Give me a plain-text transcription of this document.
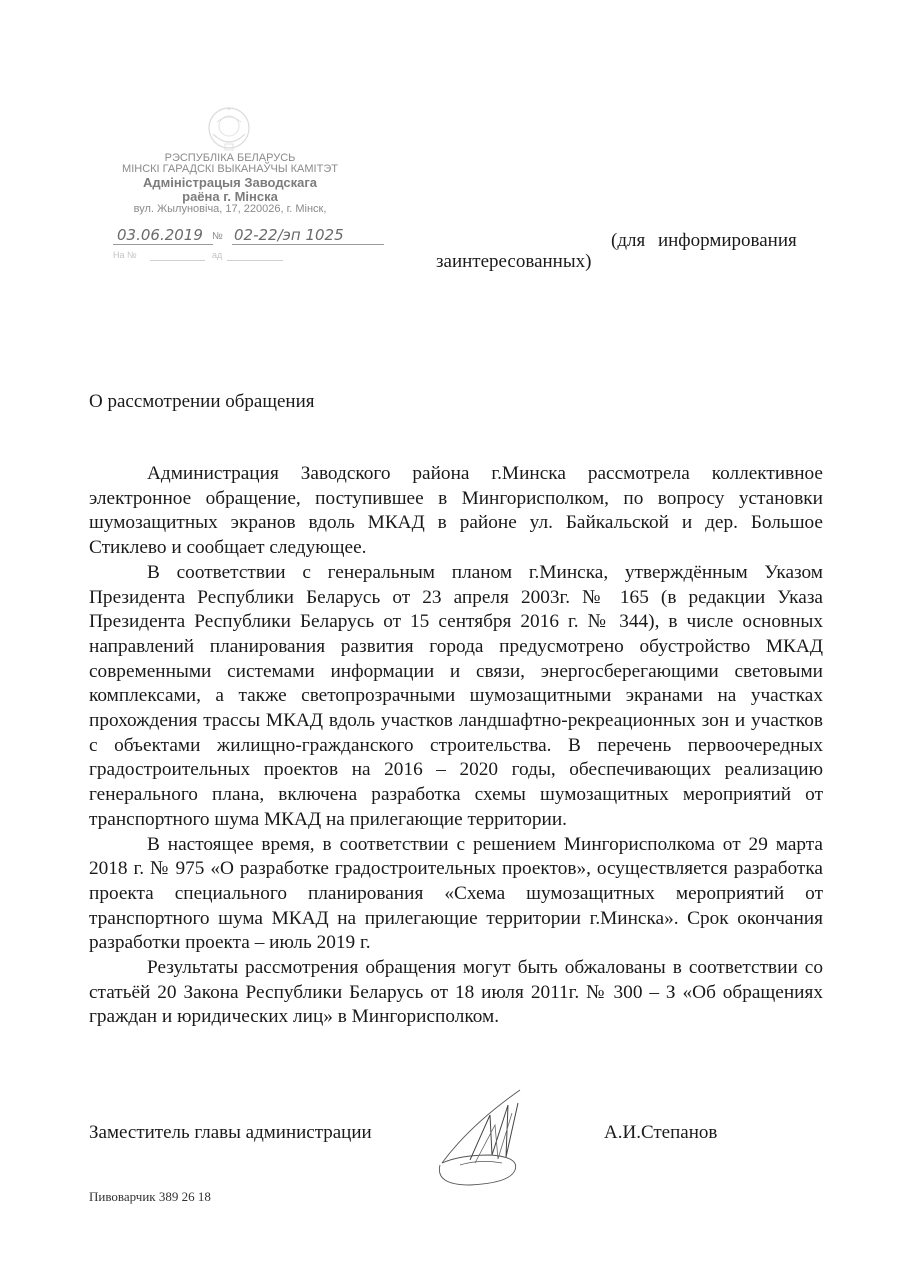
РЭСПУБЛІКА БЕЛАРУСЬ
МІНСКІ ГАРАДСКІ ВЫКАНАЎЧЫ КАМІТЭТ
Адміністрацыя Заводскага
раёна г. Мінска
вул. Жылуновіча, 17, 220026, г. Мінск,
03.06.2019 № 02-22/эп 1025
На №	ад
(для информирования
заинтересованных)
О рассмотрении обращения

Администрация Заводского района г.Минска рассмотрела коллективное электронное обращение, поступившее в Мингорисполком, по вопросу установки шумозащитных экранов вдоль МКАД в районе ул. Байкальской и дер. Большое Стиклево и сообщает следующее.

В соответствии с генеральным планом г.Минска, утверждённым Указом Президента Республики Беларусь от 23 апреля 2003г. № 165 (в редакции Указа Президента Республики Беларусь от 15 сентября 2016 г. № 344), в числе основных направлений планирования развития города предусмотрено обустройство МКАД современными системами информации и связи, энергосберегающими световыми комплексами, а также светопрозрачными шумозащитными экранами на участках прохождения трассы МКАД вдоль участков ландшафтно-рекреационных зон и участков с объектами жилищно-гражданского строительства. В перечень первоочередных градостроительных проектов на 2016 – 2020 годы, обеспечивающих реализацию генерального плана, включена разработка схемы шумозащитных мероприятий от транспортного шума МКАД на прилегающие территории.

В настоящее время, в соответствии с решением Мингорисполкома от 29 марта 2018 г. № 975 «О разработке градостроительных проектов», осуществляется разработка проекта специального планирования «Схема шумозащитных мероприятий от транспортного шума МКАД на прилегающие территории г.Минска». Срок окончания разработки проекта – июль 2019 г.

Результаты рассмотрения обращения могут быть обжалованы в соответствии со статьёй 20 Закона Республики Беларусь от 18 июля 2011г. № 300 – З «Об обращениях граждан и юридических лиц» в Мингорисполком.

Заместитель главы администрации	А.И.Степанов
Пивоварчик 389 26 18
